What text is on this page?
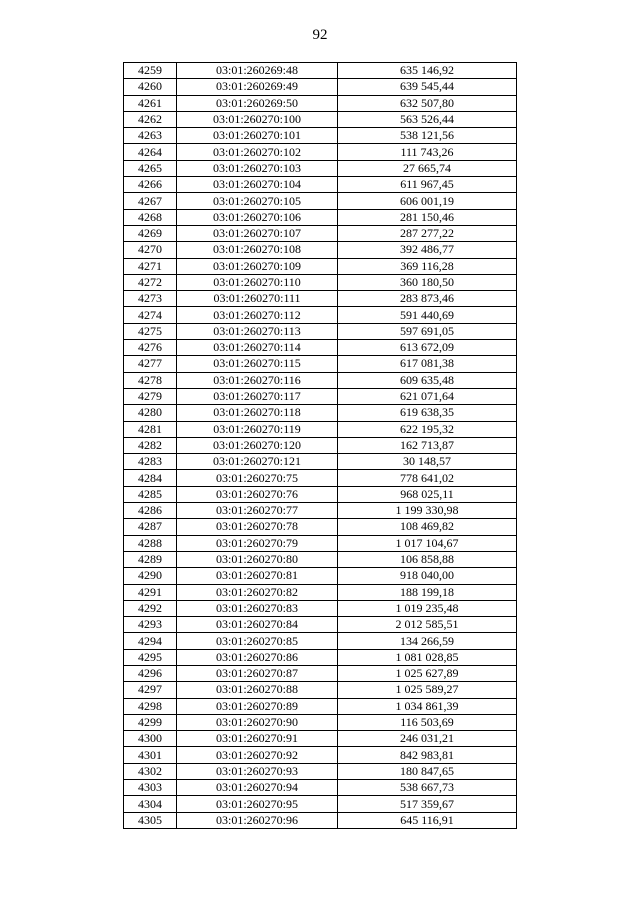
92
4259	03:01:260269:48	635 146,92
4260	03:01:260269:49	639 545,44
4261	03:01:260269:50	632 507,80
4262	03:01:260270:100	563 526,44
4263	03:01:260270:101	538 121,56
4264	03:01:260270:102	111 743,26
4265	03:01:260270:103	27 665,74
4266	03:01:260270:104	611 967,45
4267	03:01:260270:105	606 001,19
4268	03:01:260270:106	281 150,46
4269	03:01:260270:107	287 277,22
4270	03:01:260270:108	392 486,77
4271	03:01:260270:109	369 116,28
4272	03:01:260270:110	360 180,50
4273	03:01:260270:111	283 873,46
4274	03:01:260270:112	591 440,69
4275	03:01:260270:113	597 691,05
4276	03:01:260270:114	613 672,09
4277	03:01:260270:115	617 081,38
4278	03:01:260270:116	609 635,48
4279	03:01:260270:117	621 071,64
4280	03:01:260270:118	619 638,35
4281	03:01:260270:119	622 195,32
4282	03:01:260270:120	162 713,87
4283	03:01:260270:121	30 148,57
4284	03:01:260270:75	778 641,02
4285	03:01:260270:76	968 025,11
4286	03:01:260270:77	1 199 330,98
4287	03:01:260270:78	108 469,82
4288	03:01:260270:79	1 017 104,67
4289	03:01:260270:80	106 858,88
4290	03:01:260270:81	918 040,00
4291	03:01:260270:82	188 199,18
4292	03:01:260270:83	1 019 235,48
4293	03:01:260270:84	2 012 585,51
4294	03:01:260270:85	134 266,59
4295	03:01:260270:86	1 081 028,85
4296	03:01:260270:87	1 025 627,89
4297	03:01:260270:88	1 025 589,27
4298	03:01:260270:89	1 034 861,39
4299	03:01:260270:90	116 503,69
4300	03:01:260270:91	246 031,21
4301	03:01:260270:92	842 983,81
4302	03:01:260270:93	180 847,65
4303	03:01:260270:94	538 667,73
4304	03:01:260270:95	517 359,67
4305	03:01:260270:96	645 116,91
